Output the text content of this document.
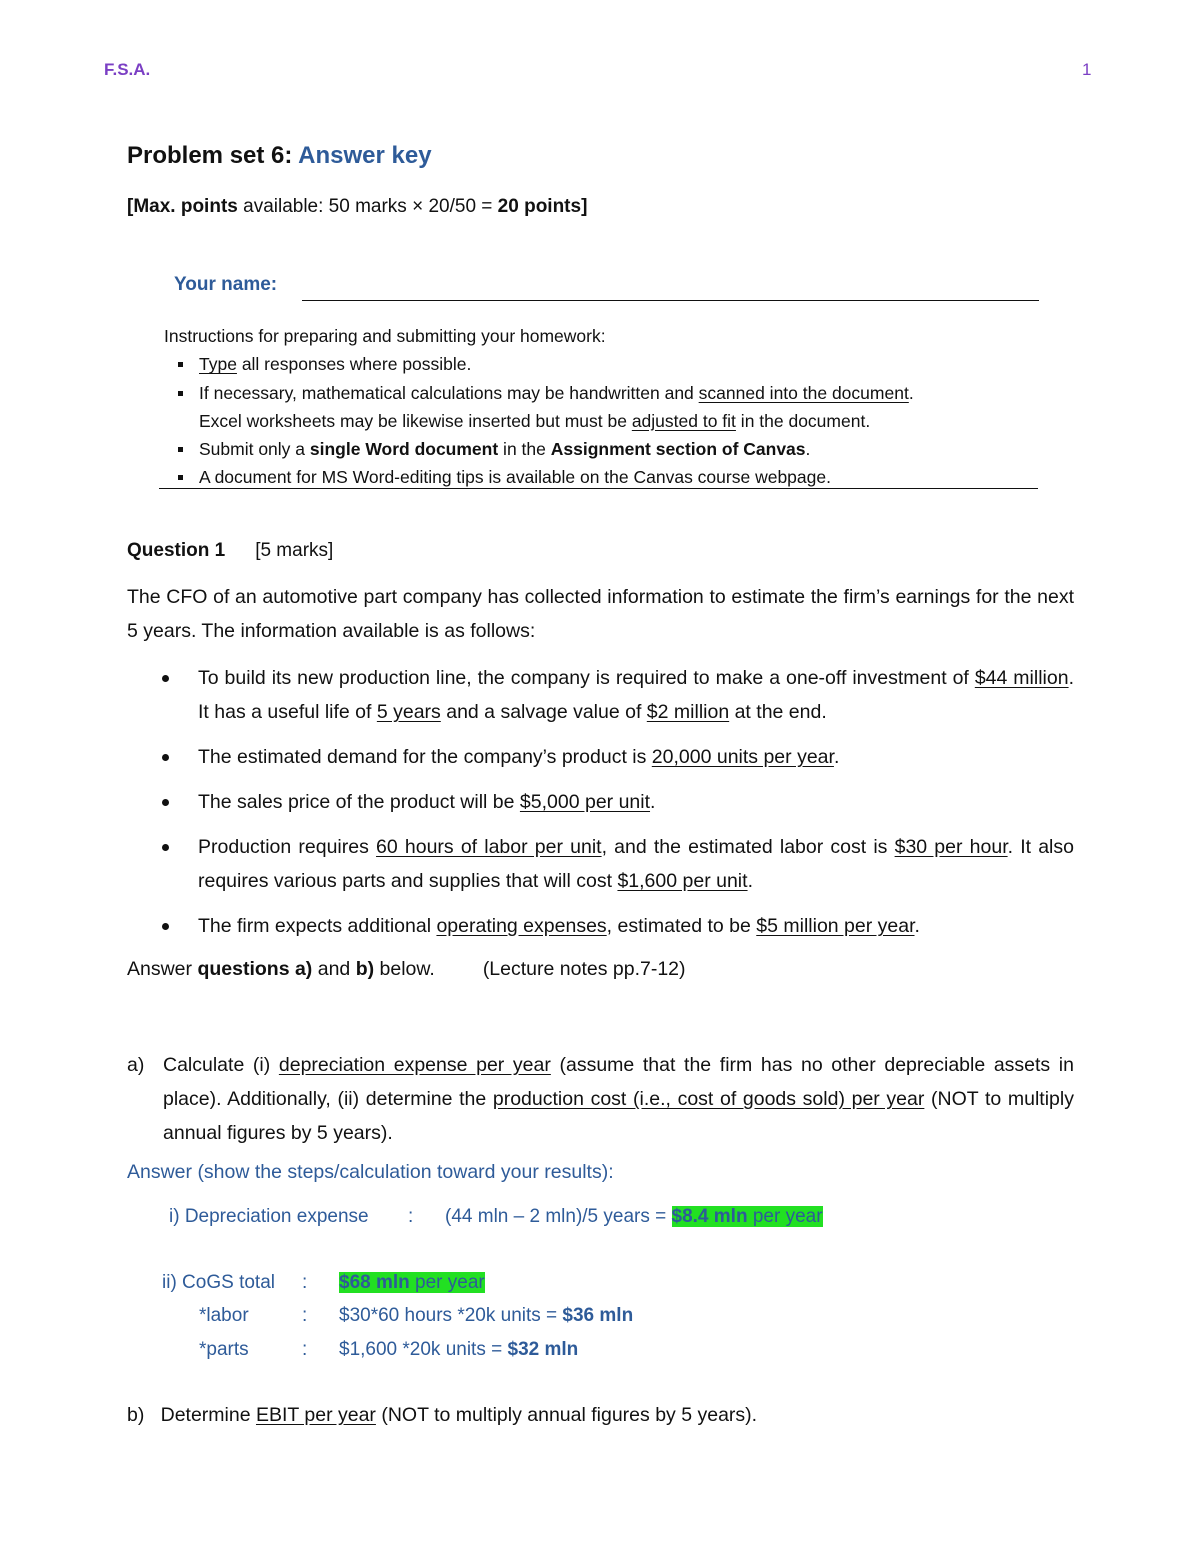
F.S.A.	1
Problem set 6: Answer key
[Max. points available: 50 marks × 20/50 = 20 points]
Your name:
Instructions for preparing and submitting your homework:
Type all responses where possible.
If necessary, mathematical calculations may be handwritten and scanned into the document.
Excel worksheets may be likewise inserted but must be adjusted to fit in the document.
Submit only a single Word document in the Assignment section of Canvas.
A document for MS Word-editing tips is available on the Canvas course webpage.
Question 1 [5 marks]
The CFO of an automotive part company has collected information to estimate the firm’s earnings for the next 5 years. The information available is as follows:
To build its new production line, the company is required to make a one-off investment of $44 million. It has a useful life of 5 years and a salvage value of $2 million at the end.
The estimated demand for the company’s product is 20,000 units per year.
The sales price of the product will be $5,000 per unit.
Production requires 60 hours of labor per unit, and the estimated labor cost is $30 per hour. It also requires various parts and supplies that will cost $1,600 per unit.
The firm expects additional operating expenses, estimated to be $5 million per year.
Answer questions a) and b) below. (Lecture notes pp.7-12)
a) Calculate (i) depreciation expense per year (assume that the firm has no other depreciable assets in place). Additionally, (ii) determine the production cost (i.e., cost of goods sold) per year (NOT to multiply annual figures by 5 years).
Answer (show the steps/calculation toward your results):
i) Depreciation expense : (44 mln – 2 mln)/5 years = $8.4 mln per year
ii) CoGS total : $68 mln per year
*labor	: $30*60 hours *20k units = $36 mln
*parts	: $1,600 *20k units = $32 mln
b) Determine EBIT per year (NOT to multiply annual figures by 5 years).
